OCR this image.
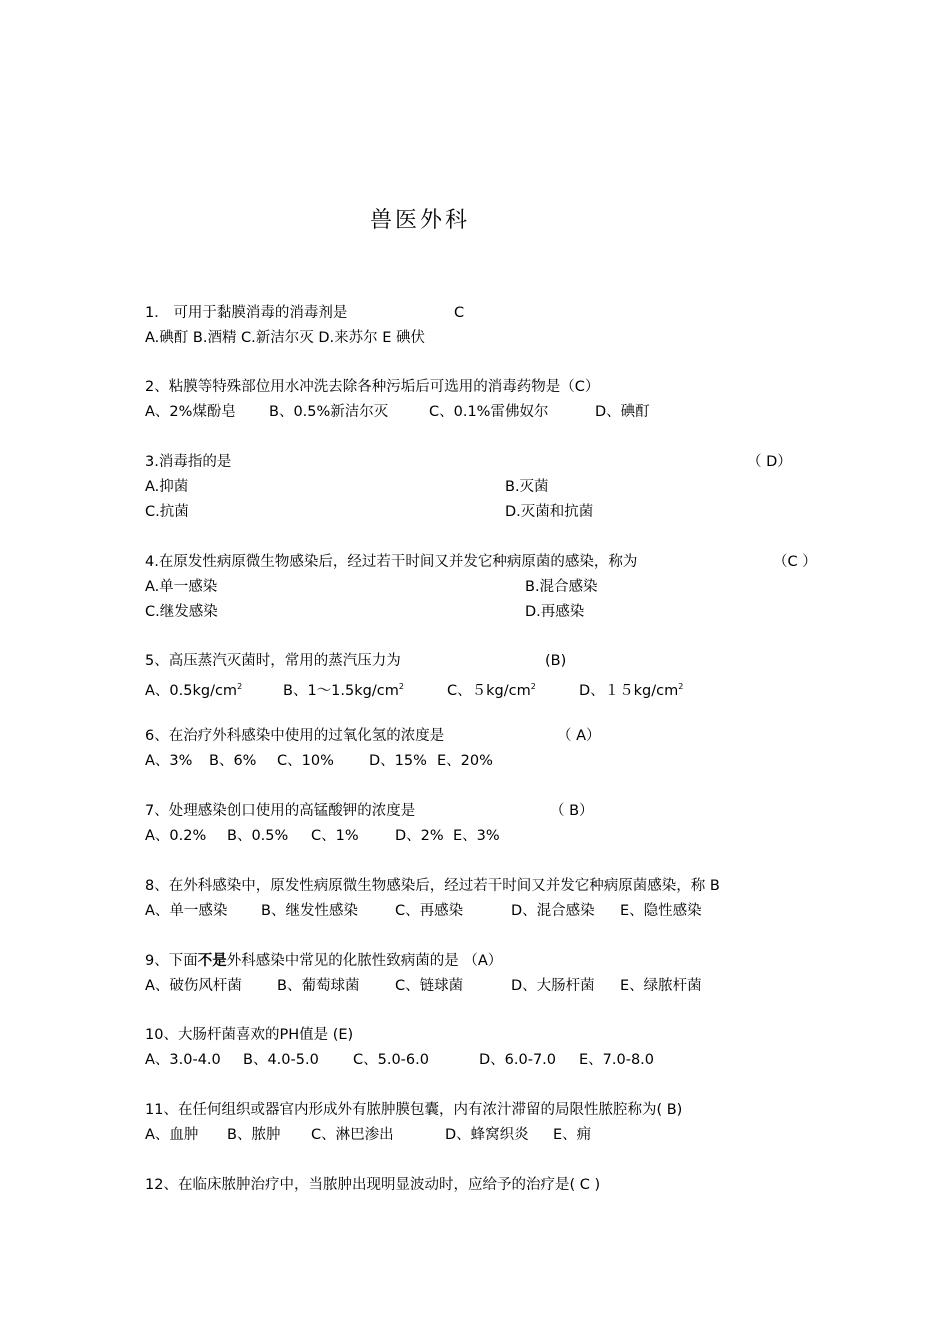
兽医外科
1． 可用于黏膜消毒的消毒剂是	C
A.碘酊 B.酒精 C.新洁尔灭 D.来苏尔 E 碘伏
2、粘膜等特殊部位用水冲洗去除各种污垢后可选用的消毒药物是（C）
A、2%煤酚皂 B、0.5%新洁尔灭	C、0.1%雷佛奴尔	D、碘酊
3.消毒指的是	（ D）
A.抑菌	B.灭菌
C.抗菌	D.灭菌和抗菌
4.在原发性病原微生物感染后，经过若干时间又并发它种病原菌的感染，称为	（C ）
A.单一感染	B.混合感染
C.继发感染	D.再感染
5、高压蒸汽灭菌时，常用的蒸汽压力为	(B)
A、$0.5kg/cm^2$	B、$1\sim 1.5kg/cm^2$	C、$5kg/cm^2$	D、$15kg/cm^2$
6、在治疗外科感染中使用的过氧化氢的浓度是	（ A）
A、3% B、6% C、10% D、15% E、20%
7、处理感染创口使用的高锰酸钾的浓度是	（ B）
A、0.2% B、0.5% C、1%	D、2% E、3%
8、在外科感染中，原发性病原微生物感染后，经过若干时间又并发它种病原菌感染，称 B
A、单一感染 B、继发性感染	C、再感染	D、混合感染 E、隐性感染
9、下面不是外科感染中常见的化脓性致病菌的是 （A）
A、破伤风杆菌 B、葡萄球菌 C、链球菌	D、大肠杆菌 E、绿脓杆菌
10、大肠杆菌喜欢的PH值是 (E)
A、3.0-4.0 B、4.0-5.0 C、5.0-6.0	D、6.0-7.0 E、7.0-8.0
11、在任何组织或器官内形成外有脓肿膜包囊，内有浓汁滞留的局限性脓腔称为( B)
A、血肿 B、脓肿 C、淋巴渗出	D、蜂窝织炎 E、痈
12、在临床脓肿治疗中，当脓肿出现明显波动时，应给予的治疗是( C )
